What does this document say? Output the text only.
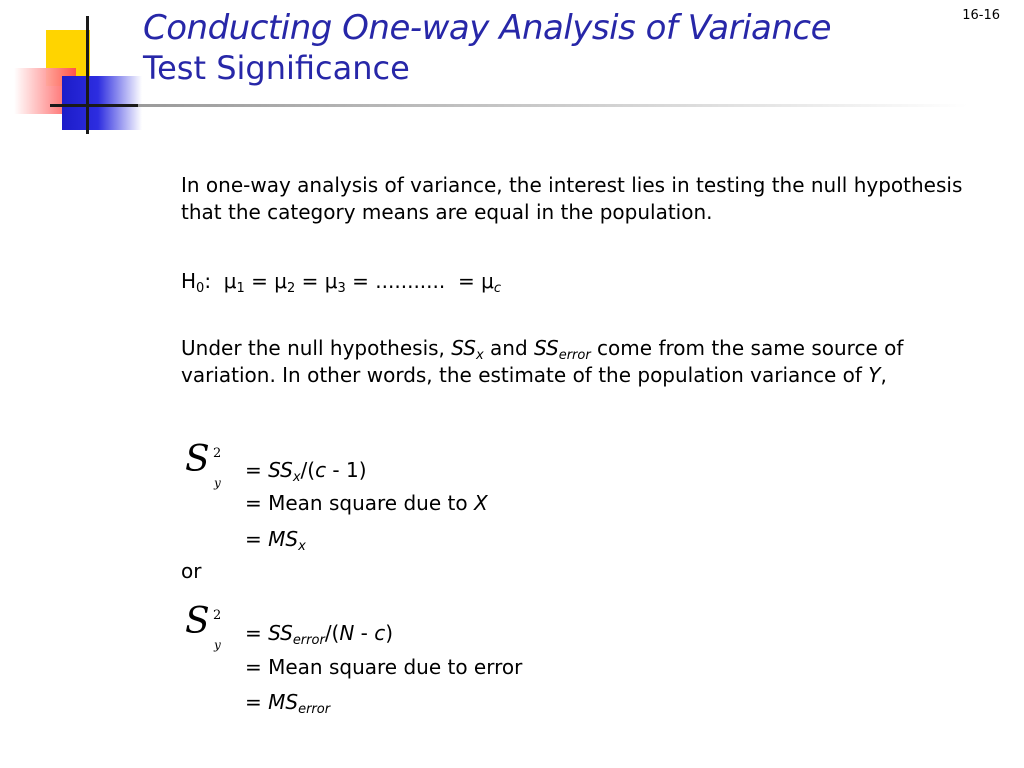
Conducting One-way Analysis of Variance
Test Significance
16-16

In one-way analysis of variance, the interest lies in testing the null hypothesis that the category means are equal in the population.

$H_0$: $\mu_1 = \mu_2 = \mu_3$ = ........... = $\mu_c$

Under the null hypothesis, $SS_x$ and $SS_{error}$ come from the same source of variation. In other words, the estimate of the population variance of Y,

S 2
y
= $SS_x/(c - 1)$
= Mean square due to X
= $MS_x$
or
S 2
$y = SS_{error}/(N - c)$
= Mean square due to error
= $MS_{error}$
